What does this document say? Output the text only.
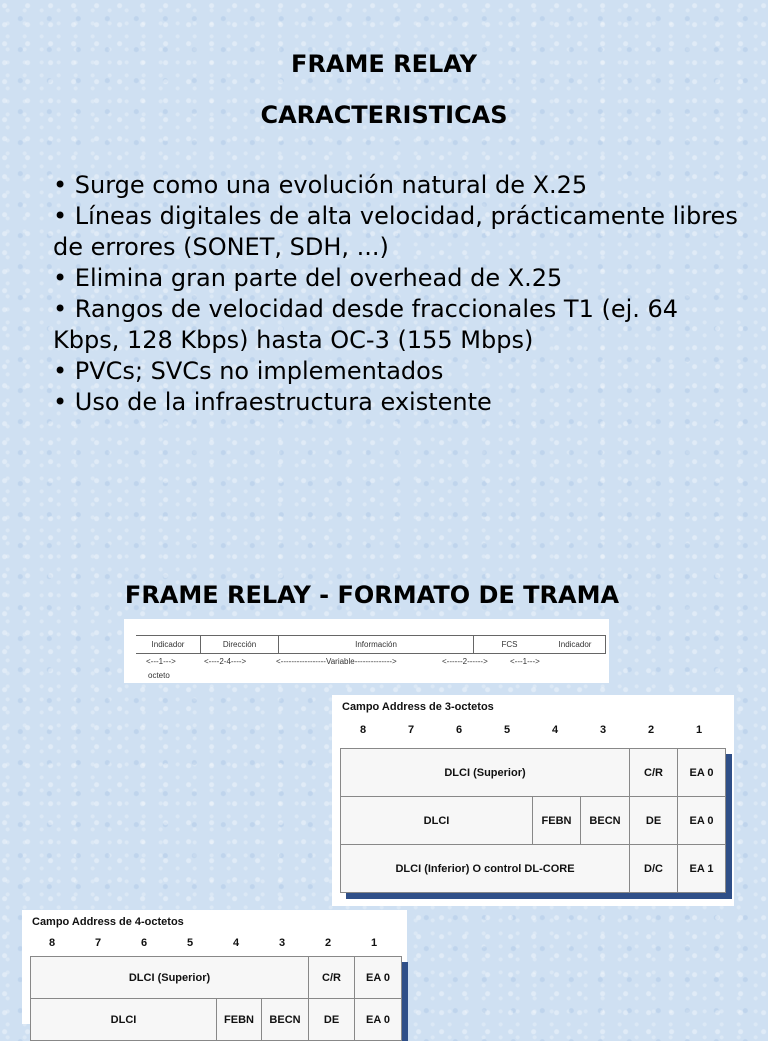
FRAME RELAY
CARACTERISTICAS
• Surge como una evolución natural de X.25
• Líneas digitales de alta velocidad, prácticamente libres de errores (SONET, SDH, ...)
• Elimina gran parte del overhead de X.25
• Rangos de velocidad desde fraccionales T1 (ej. 64 Kbps, 128 Kbps) hasta OC-3 (155 Mbps)
• PVCs; SVCs no implementados
• Uso de la infraestructura existente
FRAME RELAY - FORMATO DE TRAMA
Indicador	Dirección	Información	FCS	Indicador
<---1--->	<----2-4---->	<-----------------Variable-------------->	<------2------>	<---1--->
octeto
Campo Address de 3-octetos
8	7	6	5	4	3	2	1
DLCI (Superior)			C/R	EA 0
DLCI	FEBN	BECN	DE	EA 0
DLCI (Inferior) O control DL-CORE			D/C	EA 1
Campo Address de 4-octetos
8	7	6	5	4	3	2	1
DLCI (Superior)			C/R	EA 0
DLCI	FEBN	BECN	DE	EA 0
